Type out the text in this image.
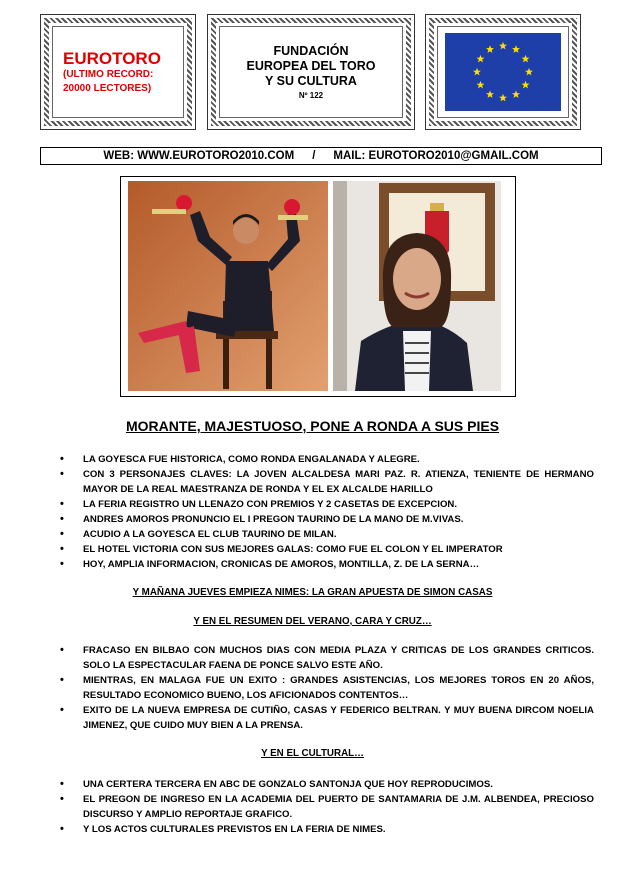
EUROTORO
(ULTIMO RECORD:
20000 LECTORES)
FUNDACIÓN
EUROPEA DEL TORO
Y SU CULTURA
Nº 122
WEB: WWW.EUROTORO2010.COM / MAIL: EUROTORO2010@GMAIL.COM
MORANTE, MAJESTUOSO, PONE A RONDA A SUS PIES
• LA GOYESCA FUE HISTORICA, COMO RONDA ENGALANADA Y ALEGRE.
• CON 3 PERSONAJES CLAVES: LA JOVEN ALCALDESA MARI PAZ. R. ATIENZA, TENIENTE DE HERMANO MAYOR DE LA REAL MAESTRANZA DE RONDA Y EL EX ALCALDE HARILLO
• LA FERIA REGISTRO UN LLENAZO CON PREMIOS Y 2 CASETAS DE EXCEPCION.
• ANDRES AMOROS PRONUNCIO EL I PREGON TAURINO DE LA MANO DE M.VIVAS.
• ACUDIO A LA GOYESCA EL CLUB TAURINO DE MILAN.
• EL HOTEL VICTORIA CON SUS MEJORES GALAS: COMO FUE EL COLON Y EL IMPERATOR
• HOY, AMPLIA INFORMACION, CRONICAS DE AMOROS, MONTILLA, Z. DE LA SERNA…
Y MAÑANA JUEVES EMPIEZA NIMES: LA GRAN APUESTA DE SIMON CASAS
Y EN EL RESUMEN DEL VERANO, CARA Y CRUZ…
• FRACASO EN BILBAO CON MUCHOS DIAS CON MEDIA PLAZA Y CRITICAS DE LOS GRANDES CRITICOS. SOLO LA ESPECTACULAR FAENA DE PONCE SALVO ESTE AÑO.
• MIENTRAS, EN MALAGA FUE UN EXITO : GRANDES ASISTENCIAS, LOS MEJORES TOROS EN 20 AÑOS, RESULTADO ECONOMICO BUENO, LOS AFICIONADOS CONTENTOS…
• EXITO DE LA NUEVA EMPRESA DE CUTIÑO, CASAS Y FEDERICO BELTRAN. Y MUY BUENA DIRCOM NOELIA JIMENEZ, QUE CUIDO MUY BIEN A LA PRENSA.
Y EN EL CULTURAL…
• UNA CERTERA TERCERA EN ABC DE GONZALO SANTONJA QUE HOY REPRODUCIMOS.
• EL PREGON DE INGRESO EN LA ACADEMIA DEL PUERTO DE SANTAMARIA DE J.M. ALBENDEA, PRECIOSO DISCURSO Y AMPLIO REPORTAJE GRAFICO.
• Y LOS ACTOS CULTURALES PREVISTOS EN LA FERIA DE NIMES.
